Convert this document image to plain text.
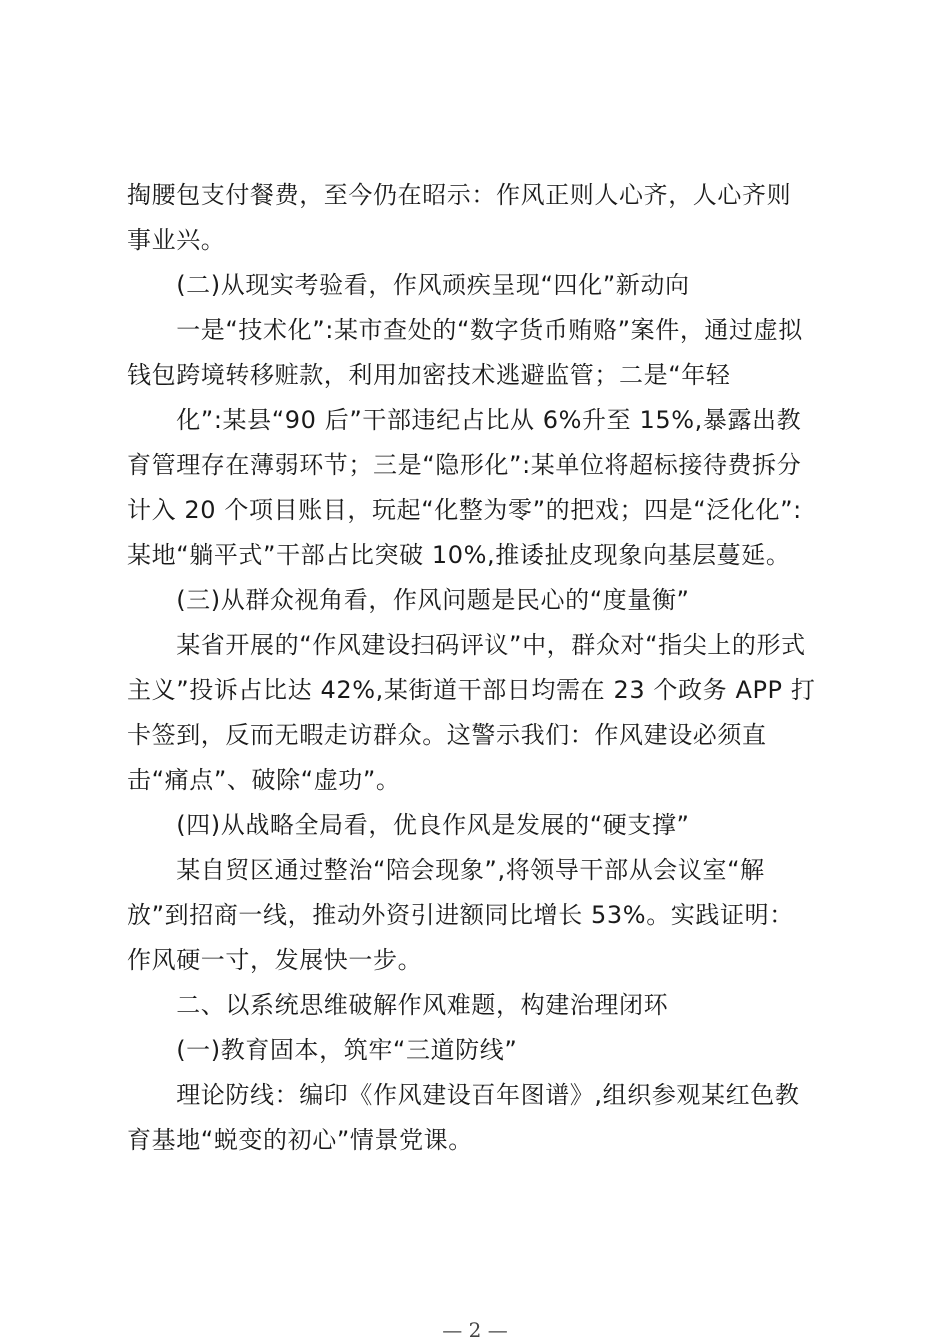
掏腰包支付餐费，至今仍在昭示：作风正则人心齐，人心齐则
事业兴。
　　(二)从现实考验看，作风顽疾呈现“四化”新动向
　　一是“技术化”:某市查处的“数字货币贿赂”案件，通过虚拟
钱包跨境转移赃款，利用加密技术逃避监管；二是“年轻
　　化”:某县“90 后”干部违纪占比从 6%升至 15%,暴露出教
育管理存在薄弱环节；三是“隐形化”:某单位将超标接待费拆分
计入 20 个项目账目，玩起“化整为零”的把戏；四是“泛化化”:
某地“躺平式”干部占比突破 10%,推诿扯皮现象向基层蔓延。
　　(三)从群众视角看，作风问题是民心的“度量衡”
　　某省开展的“作风建设扫码评议”中，群众对“指尖上的形式
主义”投诉占比达 42%,某街道干部日均需在 23 个政务 APP 打
卡签到，反而无暇走访群众。这警示我们：作风建设必须直
击“痛点”、破除“虚功”。
　　(四)从战略全局看，优良作风是发展的“硬支撑”
　　某自贸区通过整治“陪会现象”,将领导干部从会议室“解
放”到招商一线，推动外资引进额同比增长 53%。实践证明：
作风硬一寸，发展快一步。
　　二、以系统思维破解作风难题，构建治理闭环
　　(一)教育固本，筑牢“三道防线”
　　理论防线：编印《作风建设百年图谱》,组织参观某红色教
育基地“蜕变的初心”情景党课。
— 2 —
